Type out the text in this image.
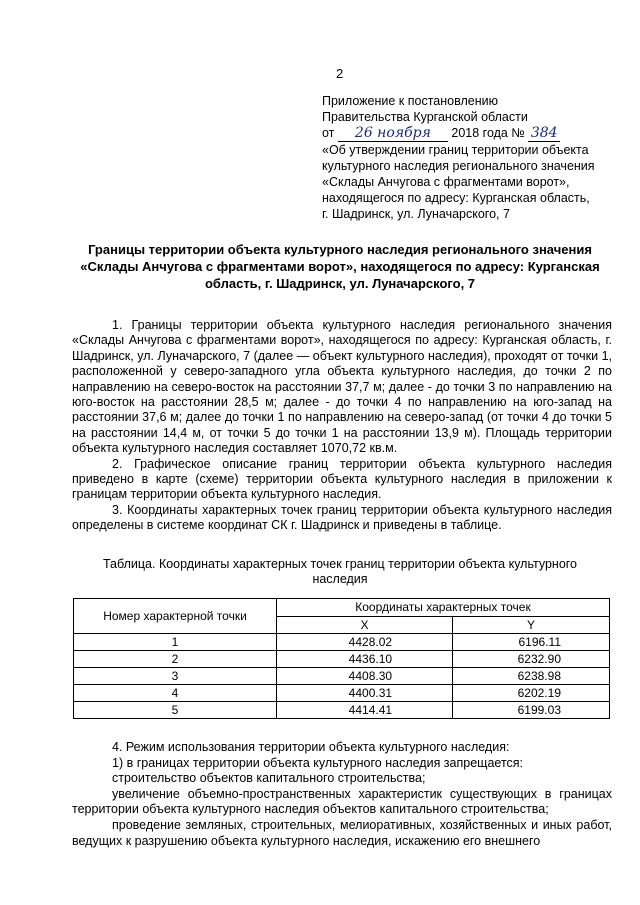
2
Приложение к постановлению
Правительства Курганской области
от 26 ноября 2018 года № 384
«Об утверждении границ территории объекта
культурного наследия регионального значения
«Склады Анчугова с фрагментами ворот»,
находящегося по адресу: Курганская область,
г. Шадринск, ул. Луначарского, 7
Границы территории объекта культурного наследия регионального значения «Склады Анчугова с фрагментами ворот», находящегося по адресу: Курганская область, г. Шадринск, ул. Луначарского, 7

1. Границы территории объекта культурного наследия регионального значения «Склады Анчугова с фрагментами ворот», находящегося по адресу: Курганская область, г. Шадринск, ул. Луначарского, 7 (далее — объект культурного наследия), проходят от точки 1, расположенной у северо-западного угла объекта культурного наследия, до точки 2 по направлению на северо-восток на расстоянии 37,7 м; далее - до точки 3 по направлению на юго-восток на расстоянии 28,5 м; далее - до точки 4 по направлению на юго-запад на расстоянии 37,6 м; далее до точки 1 по направлению на северо-запад (от точки 4 до точки 5 на расстоянии 14,4 м, от точки 5 до точки 1 на расстоянии 13,9 м). Площадь территории объекта культурного наследия составляет 1070,72 кв.м.

2. Графическое описание границ территории объекта культурного наследия приведено в карте (схеме) территории объекта культурного наследия в приложении к границам территории объекта культурного наследия.

3. Координаты характерных точек границ территории объекта культурного наследия определены в системе координат СК г. Шадринск и приведены в таблице.

Таблица. Координаты характерных точек границ территории объекта культурного наследия
Номер характерной точки	Координаты характерных точек	
	X	Y
1	4428.02	6196.11
2	4436.10	6232.90
3	4408.30	6238.98
4	4400.31	6202.19
5	4414.41	6199.03

4. Режим использования территории объекта культурного наследия:

1) в границах территории объекта культурного наследия запрещается:

строительство объектов капитального строительства;

увеличение объемно-пространственных характеристик существующих в границах территории объекта культурного наследия объектов капитального строительства;

проведение земляных, строительных, мелиоративных, хозяйственных и иных работ, ведущих к разрушению объекта культурного наследия, искажению его внешнего
